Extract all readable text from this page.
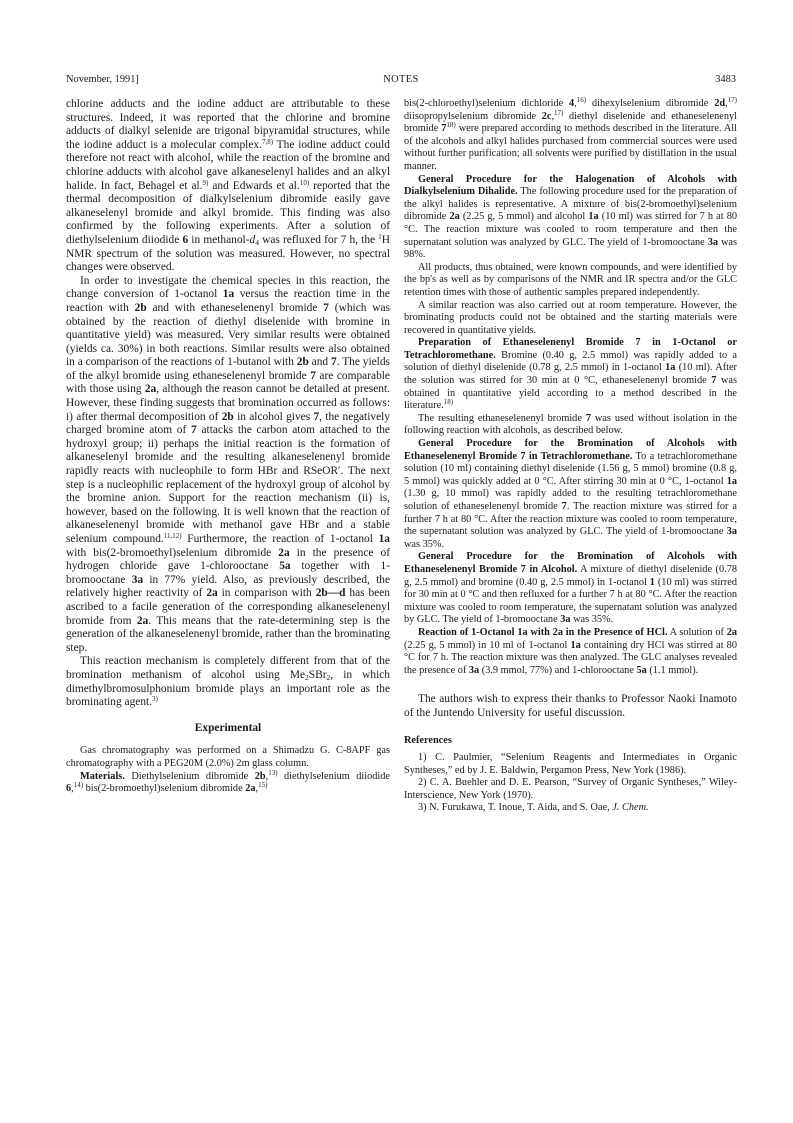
November, 1991]	NOTES	3483

chlorine adducts and the iodine adduct are attributable to these structures. Indeed, it was reported that the chlorine and bromine adducts of dialkyl selenide are trigonal bipyramidal structures, while the iodine adduct is a molecular complex.$^{7,8)}$ The iodine adduct could therefore not react with alcohol, while the reaction of the bromine and chlorine adducts with alcohol gave alkaneselenyl halides and an alkyl halide. In fact, Behagel et al.$^{9)}$ and Edwards et al.$^{10)}$ reported that the thermal decomposition of dialkylselenium dibromide easily gave alkaneselenyl bromide and alkyl bromide. This finding was also confirmed by the following experiments. After a solution of diethylselenium diiodide 6 in methanol-$d_4$ was refluxed for 7 h, the $^1$H NMR spectrum of the solution was measured. However, no spectral changes were observed.

In order to investigate the chemical species in this reaction, the change conversion of 1-octanol 1a versus the reaction time in the reaction with 2b and with ethaneselenenyl bromide 7 (which was obtained by the reaction of diethyl diselenide with bromine in quantitative yield) was measured. Very similar results were obtained (yields ca. 30%) in both reactions. Similar results were also obtained in a comparison of the reactions of 1-butanol with 2b and 7. The yields of the alkyl bromide using ethaneselenenyl bromide 7 are comparable with those using 2a, although the reason cannot be detailed at present. However, these finding suggests that bromination occurred as follows: i) after thermal decomposition of 2b in alcohol gives 7, the negatively charged bromine atom of 7 attacks the carbon atom attached to the hydroxyl group; ii) perhaps the initial reaction is the formation of alkaneselenyl bromide and the resulting alkaneselenenyl bromide rapidly reacts with nucleophile to form HBr and RSeOR′. The next step is a nucleophilic replacement of the hydroxyl group of alcohol by the bromine anion. Support for the reaction mechanism (ii) is, however, based on the following. It is well known that the reaction of alkaneselenenyl bromide with methanol gave HBr and a stable selenium compound.$^{11,12)}$ Furthermore, the reaction of 1-octanol 1a with bis(2-bromoethyl)selenium dibromide 2a in the presence of hydrogen chloride gave 1-chlorooctane 5a together with 1-bromooctane 3a in 77% yield. Also, as previously described, the relatively higher reactivity of 2a in comparison with 2b—d has been ascribed to a facile generation of the corresponding alkaneselenenyl bromide from 2a. This means that the rate-determining step is the generation of the alkaneselenenyl bromide, rather than the brominating step.

This reaction mechanism is completely different from that of the bromination methanism of alcohol using $Me_2SBr_2$, in which dimethylbromosulphonium bromide plays an important role as the brominating agent.$^{3)}$

Experimental

Gas chromatography was performed on a Shimadzu G. C-8APF gas chromatography with a PEG20M (2.0%) 2m glass column.

Materials. Diethylselenium dibromide 2b,$^{13)}$ diethylselenium diiodide 6,$^{14)}$ bis(2-bromoethyl)selenium dibromide 2a,$^{15)}$

bis(2-chloroethyl)selenium dichloride 4,$^{16)}$ dihexylselenium dibromide 2d,$^{17)}$ diisopropylselenium dibromide 2c,$^{17)}$ diethyl diselenide and ethaneselenenyl bromide 7$^{18)}$ were prepared according to methods described in the literature. All of the alcohols and alkyl halides purchased from commercial sources were used without further purification; all solvents were purified by distillation in the usual manner.

General Procedure for the Halogenation of Alcohols with Dialkylselenium Dihalide. The following procedure used for the preparation of the alkyl halides is representative. A mixture of bis(2-bromoethyl)selenium dibromide 2a (2.25 g, 5 mmol) and alcohol 1a (10 ml) was stirred for 7 h at 80 °C. The reaction mixture was cooled to room temperature and then the supernatant solution was analyzed by GLC. The yield of 1-bromooctane 3a was 98%.

All products, thus obtained, were known compounds, and were identified by the bp's as well as by comparisons of the NMR and IR spectra and/or the GLC retention times with those of authentic samples prepared independently.

A similar reaction was also carried out at room temperature. However, the brominating products could not be obtained and the starting materials were recovered in quantitative yields.

Preparation of Ethaneselenenyl Bromide 7 in 1-Octanol or Tetrachloromethane. Bromine (0.40 g, 2.5 mmol) was rapidly added to a solution of diethyl diselenide (0.78 g, 2.5 mmol) in 1-octanol 1a (10 ml). After the solution was stirred for 30 min at 0 °C, ethaneselenenyl bromide 7 was obtained in quantitative yield according to a method described in the literature.$^{18)}$

The resulting ethaneselenenyl bromide 7 was used without isolation in the following reaction with alcohols, as described below.

General Procedure for the Bromination of Alcohols with Ethaneselenenyl Bromide 7 in Tetrachloromethane. To a tetrachloromethane solution (10 ml) containing diethyl diselenide (1.56 g, 5 mmol) bromine (0.8 g, 5 mmol) was quickly added at 0 °C. After stirring 30 min at 0 °C, 1-octanol 1a (1.30 g, 10 mmol) was rapidly added to the resulting tetrachloromethane solution of ethaneselenenyl bromide 7. The reaction mixture was stirred for a further 7 h at 80 °C. After the reaction mixture was cooled to room temperature, the supernatant solution was analyzed by GLC. The yield of 1-bromooctane 3a was 35%.

General Procedure for the Bromination of Alcohols with Ethaneselenenyl Bromide 7 in Alcohol. A mixture of diethyl diselenide (0.78 g, 2.5 mmol) and bromine (0.40 g, 2.5 mmol) in 1-octanol 1 (10 ml) was stirred for 30 min at 0 °C and then refluxed for a further 7 h at 80 °C. After the reaction mixture was cooled to room temperature, the supernatant solution was analyzed by GLC. The yield of 1-bromooctane 3a was 35%.

Reaction of 1-Octanol 1a with 2a in the Presence of HCl. A solution of 2a (2.25 g, 5 mmol) in 10 ml of 1-octanol 1a containing dry HCl was stirred at 80 °C for 7 h. The reaction mixture was then analyzed. The GLC analyses revealed the presence of 3a (3.9 mmol, 77%) and 1-chlorooctane 5a (1.1 mmol).

The authors wish to express their thanks to Professor Naoki Inamoto of the Juntendo University for useful discussion.

References

1) C. Paulmier, “Selenium Reagents and Intermediates in Organic Syntheses,” ed by J. E. Baldwin, Pergamon Press, New York (1986).

2) C. A. Buehler and D. E. Pearson, “Survey of Organic Syntheses,” Wiley-Interscience, New York (1970).

3) N. Furukawa, T. Inoue, T. Aida, and S. Oae, J. Chem.
